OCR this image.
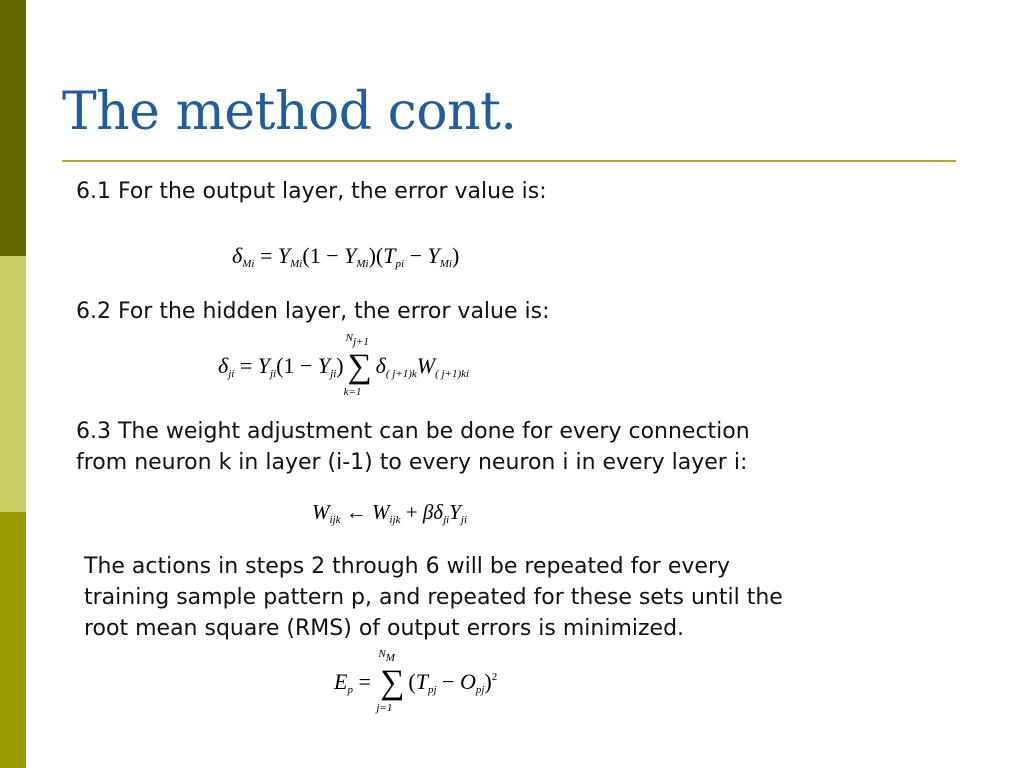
The method cont.
6.1 For the output layer, the error value is:
$\delta_{Mi} = Y_{Mi}(1 - Y_{Mi})(T_{pi} - Y_{Mi})$
6.2 For the hidden layer, the error value is:
$\delta_{ji} = Y_{ji}(1 - Y_{ji})$
$N_{j+1}$
∑
k=1
$\delta_{( j+1)k}W_{( j+1)ki}$
6.3 The weight adjustment can be done for every connection
from neuron k in layer (i-1) to every neuron i in every layer i:
$W_{ijk}$ ← $W_{ijk} + \beta\delta_{ji}Y_{ji}$
The actions in steps 2 through 6 will be repeated for every
training sample pattern p, and repeated for these sets until the
root mean square (RMS) of output errors is minimized.
$E_p$ =
$N_M$
∑
j=1
$(T_{pj} - O_{pj})^2$
